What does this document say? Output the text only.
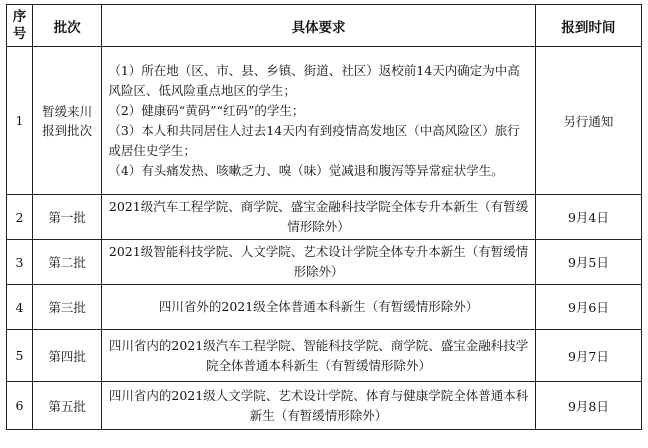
序号	批次	具体要求	报到时间
1	暂缓来川报到批次	（1）所在地（区、市、县、乡镇、街道、社区）返校前14天内确定为中高风险区、低风险重点地区的学生；
（2）健康码“黄码”“红码”的学生；
（3）本人和共同居住人过去14天内有到疫情高发地区（中高风险区）旅行或居住史学生；
（4）有头痛发热、咳嗽乏力、嗅（味）觉减退和腹泻等异常症状学生。	另行通知
2	第一批	2021级汽车工程学院、商学院、盛宝金融科技学院全体专升本新生（有暂缓情形除外）	9月4日
3	第二批	2021级智能科技学院、人文学院、艺术设计学院全体专升本新生（有暂缓情形除外）	9月5日
4	第三批	四川省外的2021级全体普通本科新生（有暂缓情形除外）	9月6日
5	第四批	四川省内的2021级汽车工程学院、智能科技学院、商学院、盛宝金融科技学院全体普通本科新生（有暂缓情形除外）	9月7日
6	第五批	四川省内的2021级人文学院、艺术设计学院、体育与健康学院全体普通本科新生（有暂缓情形除外）	9月8日
